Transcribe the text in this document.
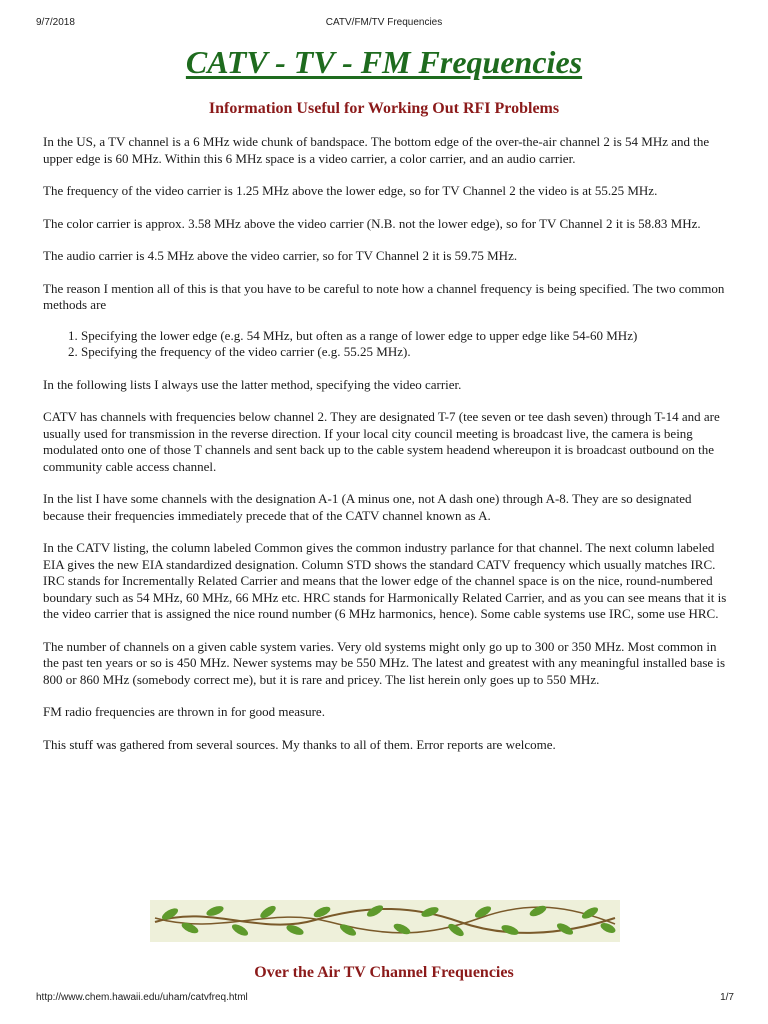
9/7/2018	CATV/FM/TV Frequencies
CATV - TV - FM Frequencies
Information Useful for Working Out RFI Problems

In the US, a TV channel is a 6 MHz wide chunk of bandspace. The bottom edge of the over-the-air channel 2 is 54 MHz and the upper edge is 60 MHz. Within this 6 MHz space is a video carrier, a color carrier, and an audio carrier.

The frequency of the video carrier is 1.25 MHz above the lower edge, so for TV Channel 2 the video is at 55.25 MHz.

The color carrier is approx. 3.58 MHz above the video carrier (N.B. not the lower edge), so for TV Channel 2 it is 58.83 MHz.

The audio carrier is 4.5 MHz above the video carrier, so for TV Channel 2 it is 59.75 MHz.

The reason I mention all of this is that you have to be careful to note how a channel frequency is being specified. The two common methods are

1. Specifying the lower edge (e.g. 54 MHz, but often as a range of lower edge to upper edge like 54-60 MHz)
2. Specifying the frequency of the video carrier (e.g. 55.25 MHz).

In the following lists I always use the latter method, specifying the video carrier.

CATV has channels with frequencies below channel 2. They are designated T-7 (tee seven or tee dash seven) through T-14 and are usually used for transmission in the reverse direction. If your local city council meeting is broadcast live, the camera is being modulated onto one of those T channels and sent back up to the cable system headend whereupon it is broadcast outbound on the community cable access channel.

In the list I have some channels with the designation A-1 (A minus one, not A dash one) through A-8. They are so designated because their frequencies immediately precede that of the CATV channel known as A.

In the CATV listing, the column labeled Common gives the common industry parlance for that channel. The next column labeled EIA gives the new EIA standardized designation. Column STD shows the standard CATV frequency which usually matches IRC. IRC stands for Incrementally Related Carrier and means that the lower edge of the channel space is on the nice, round-numbered boundary such as 54 MHz, 60 MHz, 66 MHz etc. HRC stands for Harmonically Related Carrier, and as you can see means that it is the video carrier that is assigned the nice round number (6 MHz harmonics, hence). Some cable systems use IRC, some use HRC.

The number of channels on a given cable system varies. Very old systems might only go up to 300 or 350 MHz. Most common in the past ten years or so is 450 MHz. Newer systems may be 550 MHz. The latest and greatest with any meaningful installed base is 800 or 860 MHz (somebody correct me), but it is rare and pricey. The list herein only goes up to 550 MHz.

FM radio frequencies are thrown in for good measure.

This stuff was gathered from several sources. My thanks to all of them. Error reports are welcome.

Over the Air TV Channel Frequencies
http://www.chem.hawaii.edu/uham/catvfreq.html	1/7
